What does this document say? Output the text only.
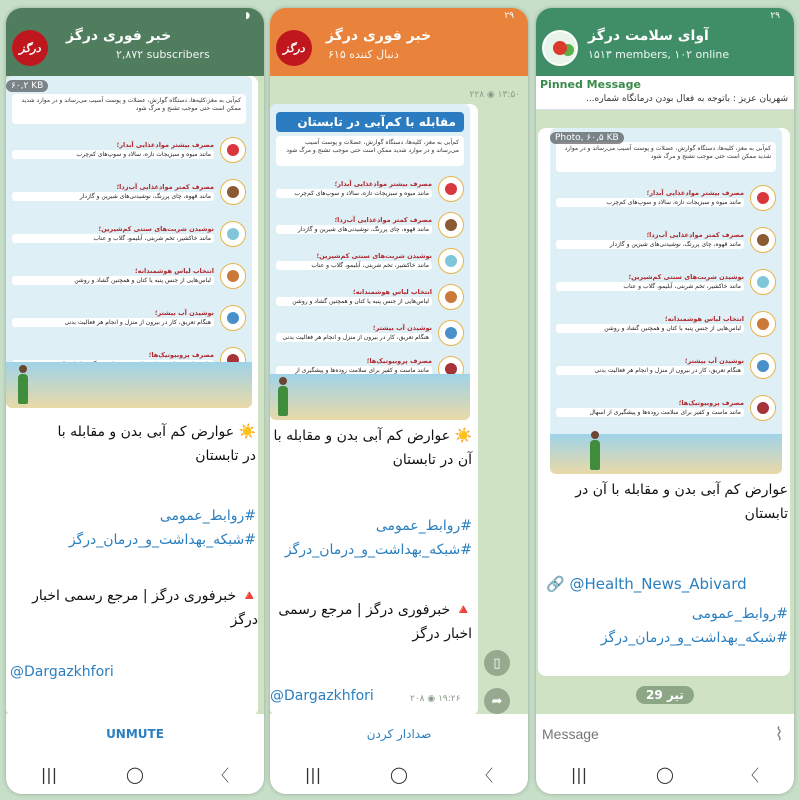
◗
درگز
خبر فوری درگز
۲,۸۷۲ subscribers
کم‌آبی به مغز،کلیه‌ها، دستگاه گوارش، عضلات و پوست آسیب می‌رساند و در موارد شدید ممکن است حتی موجب تشنج و مرگ شود
مصرف بیشتر موادغذایی آبدار؛
مانند میوه و سبزیجات تازه، سالاد و سوپ‌های کم‌چرب
مصرف کمتر موادغذایی آب‌زدا؛
مانند قهوه، چای پررنگ، نوشیدنی‌های شیرین و گازدار
نوشیدن شربت‌های سنتی کم‌شیرین؛
مانند خاکشیر، تخم شربتی، آبلیمو، گلاب و عناب
انتخاب لباس هوشمندانه؛
لباس‌هایی از جنس پنبه یا کتان و همچنین گشاد و روشن
نوشیدن آب بیشتر؛
هنگام تعریق، کار در بیرون از منزل و انجام هر فعالیت بدنی
مصرف پروبیوتیک‌ها؛
۶۰,۲ KB
☀️ عوارض کم آبی بدن و مقابله با
در تابستان
#روابط_عمومی
#شبکه_بهداشت_و_درمان_درگز
🔺 خبرفوری درگز | مرجع رسمی اخبار
درگز
@Dargazkhfori
UNMUTE
|||	◯	〈
۲۹
درگز
خبر فوری درگز
۶۱۵ دنبال کننده
۲۲۸ ◉ ۱۳:۵۰
مقابله با کم‌آبی در تابستان
کم‌آبی به مغز، کلیه‌ها، دستگاه گوارش، عضلات و پوست آسیب می‌رساند و در موارد شدید ممکن است حتی موجب تشنج و مرگ شود
مصرف بیشتر موادغذایی آبدار؛
مانند میوه و سبزیجات تازه، سالاد و سوپ‌های کم‌چرب
مصرف کمتر موادغذایی آب‌زدا؛
مانند قهوه، چای پررنگ، نوشیدنی‌های شیرین و گازدار
نوشیدن شربت‌های سنتی کم‌شیرین؛
مانند خاکشیر، تخم شربتی، آبلیمو، گلاب و عناب
انتخاب لباس هوشمندانه؛
لباس‌هایی از جنس پنبه یا کتان و همچنین گشاد و روشن
نوشیدن آب بیشتر؛
هنگام تعریق، کار در بیرون از منزل و انجام هر فعالیت بدنی
مصرف پروبیوتیک‌ها؛
مانند ماست و کفیر برای سلامت روده‌ها و پیشگیری از
☀️ عوارض کم آبی بدن و مقابله با
آن در تابستان
#روابط_عمومی
#شبکه_بهداشت_و_درمان_درگز
🔺 خبرفوری درگز | مرجع رسمی
اخبار درگز
@Dargazkhfori	۲۰۸ ◉ ۱۹:۲۶
▯
➦
صدادار کردن
|||	◯	〈
۲۹
آوای سلامت درگز
۱۵۱۳ members, ۱۰۲ online
Pinned Message
شهریان عزیز : باتوجه به فعال بودن درمانگاه شماره...
کم‌آبی به مغز، کلیه‌ها، دستگاه گوارش، عضلات و پوست آسیب می‌رساند و در موارد شدید ممکن است حتی موجب تشنج و مرگ شود
مصرف بیشتر موادغذایی آبدار؛
مانند میوه و سبزیجات تازه، سالاد و سوپ‌های کم‌چرب
مصرف کمتر موادغذایی آب‌زدا؛
مانند قهوه، چای پررنگ، نوشیدنی‌های شیرین و گازدار
نوشیدن شربت‌های سنتی کم‌شیرین؛
مانند خاکشیر، تخم شربتی، آبلیمو، گلاب و عناب
انتخاب لباس هوشمندانه؛
لباس‌هایی از جنس پنبه یا کتان و همچنین گشاد و روشن
نوشیدن آب بیشتر؛
هنگام تعریق، کار در بیرون از منزل و انجام هر فعالیت بدنی
مصرف پروبیوتیک‌ها؛
مانند ماست و کفیر برای سلامت روده‌ها و پیشگیری از اسهال
Photo, ۶۰,۵ KB
عوارض کم آبی بدن و مقابله با آن در
تابستان
🔗 @Health_News_Abivard
#روابط_عمومی
#شبکه_بهداشت_و_درمان_درگز
29 تیر
Message
⌇
|||	◯	〈
